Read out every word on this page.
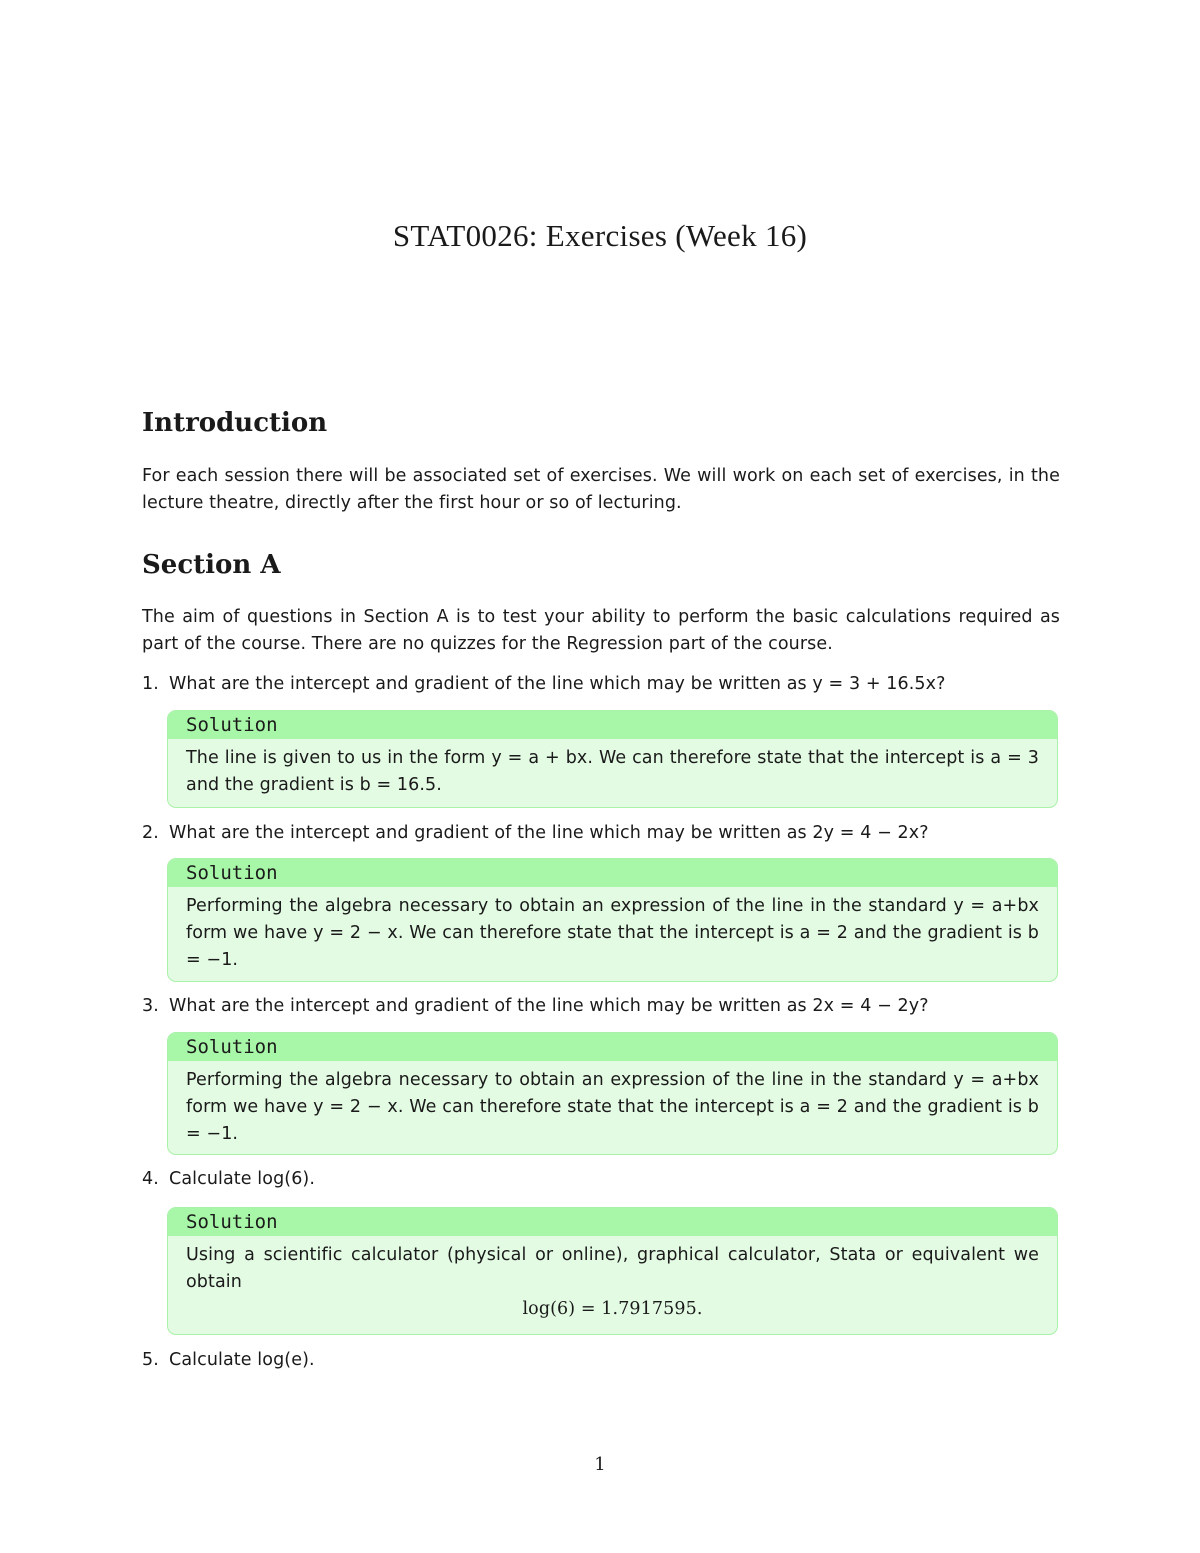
STAT0026: Exercises (Week 16)
Introduction
For each session there will be associated set of exercises. We will work on each set of exercises, in the lecture theatre, directly after the first hour or so of lecturing.
Section A
The aim of questions in Section A is to test your ability to perform the basic calculations required as part of the course. There are no quizzes for the Regression part of the course.
1. What are the intercept and gradient of the line which may be written as y = 3 + 16.5x?
Solution
The line is given to us in the form y = a + bx. We can therefore state that the intercept is a = 3 and the gradient is b = 16.5.
2. What are the intercept and gradient of the line which may be written as 2y = 4 − 2x?
Solution
Performing the algebra necessary to obtain an expression of the line in the standard y = a+bx form we have y = 2 − x. We can therefore state that the intercept is a = 2 and the gradient is b = −1.
3. What are the intercept and gradient of the line which may be written as 2x = 4 − 2y?
Solution
Performing the algebra necessary to obtain an expression of the line in the standard y = a+bx form we have y = 2 − x. We can therefore state that the intercept is a = 2 and the gradient is b = −1.
4. Calculate log(6).
Solution
Using a scientific calculator (physical or online), graphical calculator, Stata or equivalent we obtain
log(6) = 1.7917595.
5. Calculate log(e).
1
